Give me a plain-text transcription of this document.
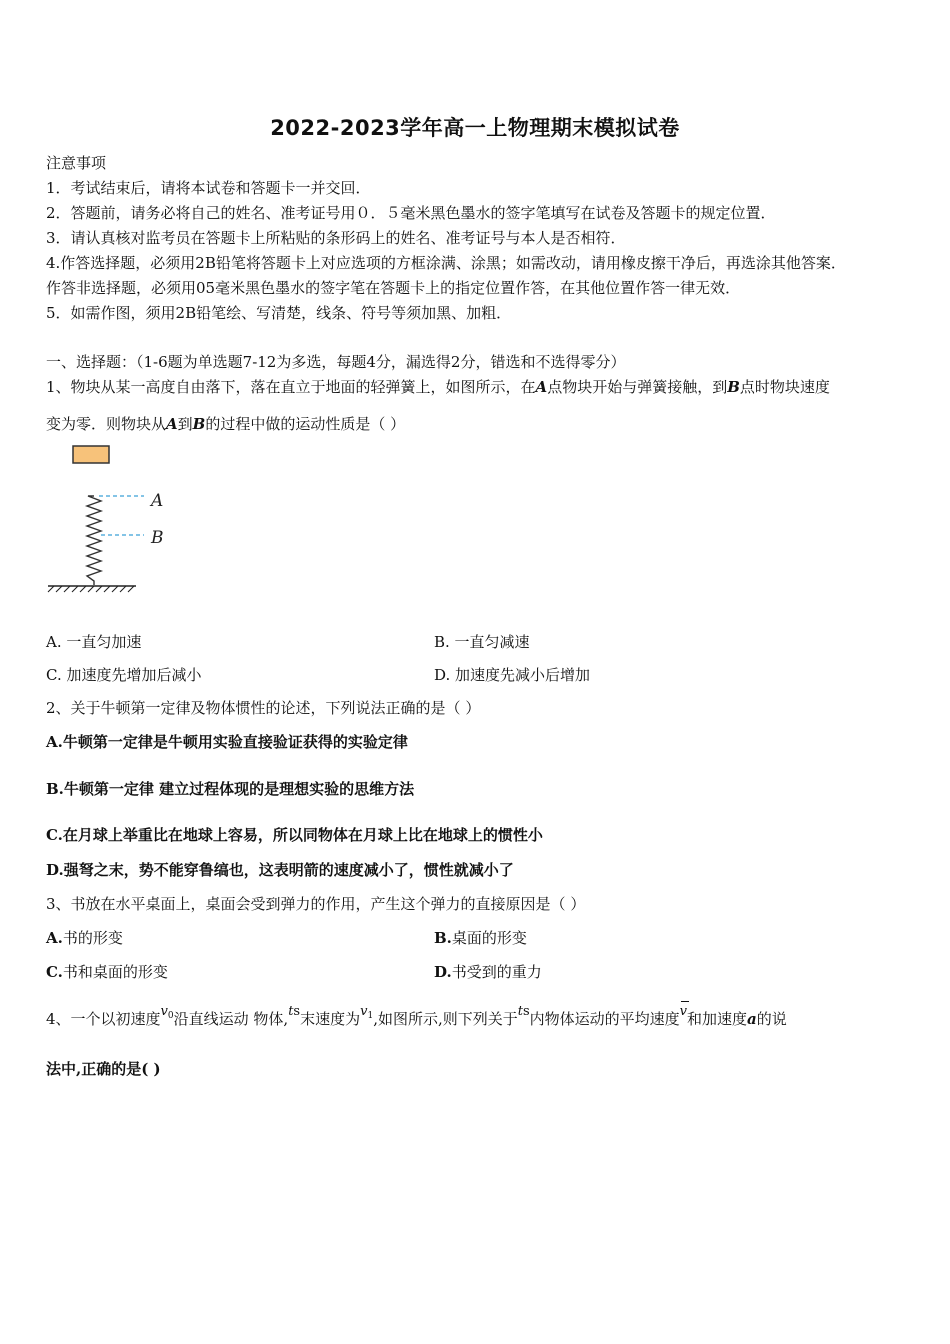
2022-2023学年高一上物理期末模拟试卷
注意事项
1．考试结束后，请将本试卷和答题卡一并交回．
2．答题前，请务必将自己的姓名、准考证号用０．５毫米黑色墨水的签字笔填写在试卷及答题卡的规定位置．
3．请认真核对监考员在答题卡上所粘贴的条形码上的姓名、准考证号与本人是否相符．
4.作答选择题，必须用2B铅笔将答题卡上对应选项的方框涂满、涂黑；如需改动，请用橡皮擦干净后，再选涂其他答案．
作答非选择题，必须用05毫米黑色墨水的签字笔在答题卡上的指定位置作答，在其他位置作答一律无效．
5．如需作图，须用2B铅笔绘、写清楚，线条、符号等须加黑、加粗．
一、选择题：（1-6题为单选题7-12为多选，每题4分，漏选得2分，错选和不选得零分）
1、物块从某一高度自由落下，落在直立于地面的轻弹簧上，如图所示，在A点物块开始与弹簧接触，到B点时物块速度
变为零．则物块从A到B的过程中做的运动性质是（ ）
A
B
A. 一直匀加速	B. 一直匀减速
C. 加速度先增加后减小	D. 加速度先减小后增加
2、关于牛顿第一定律及物体惯性的论述，下列说法正确的是（ ）
A.牛顿第一定律是牛顿用实验直接验证获得的实验定律
B.牛顿第一定律 建立过程体现的是理想实验的思维方法
C.在月球上举重比在地球上容易，所以同物体在月球上比在地球上的惯性小
D.强弩之末，势不能穿鲁缟也，这表明箭的速度减小了，惯性就减小了
3、书放在水平桌面上，桌面会受到弹力的作用，产生这个弹力的直接原因是（ ）
A.书的形变	B.桌面的形变
C.书和桌面的形变	D.书受到的重力
4、一个以初速度$v_0$沿直线运动 物体,ts末速度为$v_1$,如图所示,则下列关于ts内物体运动的平均速度v和加速度a的说
法中,正确的是( )
